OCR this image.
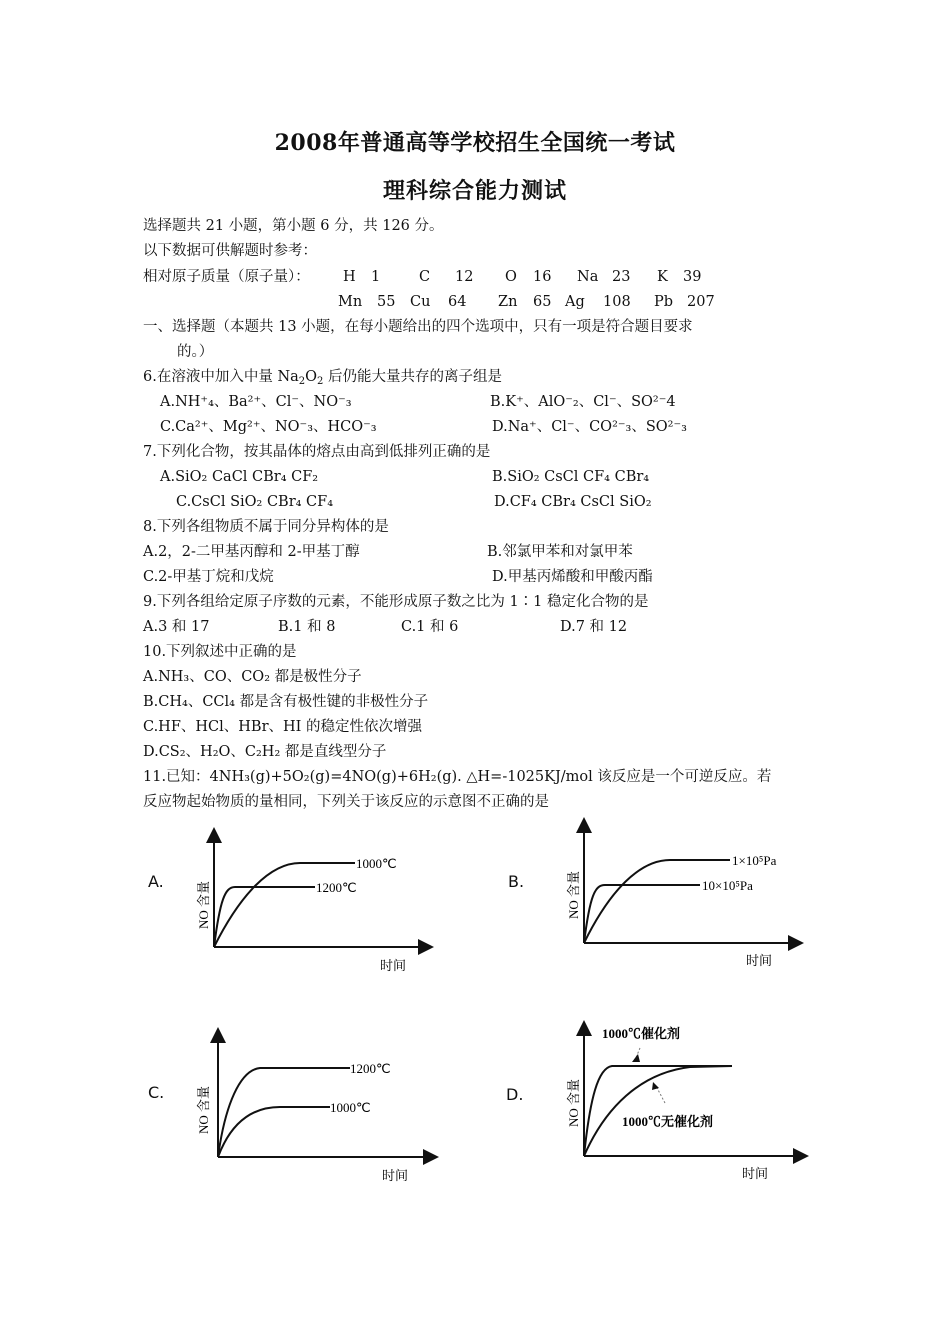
2008年普通高等学校招生全国统一考试
理科综合能力测试
选择题共 21 小题，第小题 6 分，共 126 分。
以下数据可供解题时参考：
相对原子质量（原子量）： H 1	C 12 O 16 Na 23 K 39
Mn 55 Cu 64 Zn 65 Ag 108 Pb 207
一、选择题（本题共 13 小题，在每小题给出的四个选项中，只有一项是符合题目要求
的。）
6.在溶液中加入中量 $Na_2O_2$ 后仍能大量共存的离子组是
A.NH⁺₄、Ba²⁺、Cl⁻、NO⁻₃	B.K⁺、AlO⁻₂、Cl⁻、SO²⁻4
C.Ca²⁺、Mg²⁺、NO⁻₃、HCO⁻₃	D.Na⁺、Cl⁻、CO²⁻₃、SO²⁻₃
7.下列化合物，按其晶体的熔点由高到低排列正确的是
A.SiO₂ CaCl CBr₄ CF₂	B.SiO₂ CsCl CF₄ CBr₄
C.CsCl SiO₂ CBr₄ CF₄	D.CF₄ CBr₄ CsCl SiO₂
8.下列各组物质不属于同分异构体的是
A.2，2-二甲基丙醇和 2-甲基丁醇	B.邻氯甲苯和对氯甲苯
C.2-甲基丁烷和戊烷	D.甲基丙烯酸和甲酸丙酯
9.下列各组给定原子序数的元素，不能形成原子数之比为 1∶1 稳定化合物的是
A.3 和 17	B.1 和 8	C.1 和 6	D.7 和 12
10.下列叙述中正确的是
A.NH₃、CO、CO₂ 都是极性分子
B.CH₄、CCl₄ 都是含有极性键的非极性分子
C.HF、HCl、HBr、HI 的稳定性依次增强
D.CS₂、H₂O、C₂H₂ 都是直线型分子
11.已知：4NH₃(g)+5O₂(g)=4NO(g)+6H₂(g). △H=-1025KJ/mol 该反应是一个可逆反应。若
反应物起始物质的量相同，下列关于该反应的示意图不正确的是
A. NO 含量
时间
1000℃
1200℃	B.	NO 含量
时间
1×10⁵Pa
10×10⁵Pa
C. NO 含量
时间
1200℃
1000℃
D.	NO 含量
时间
1000℃催化剂
1000℃无催化剂
